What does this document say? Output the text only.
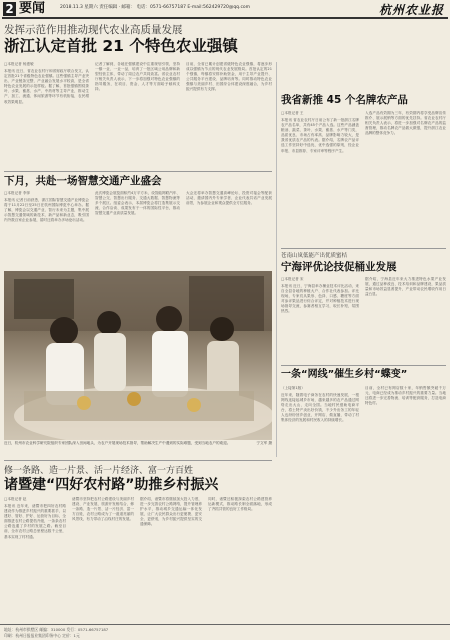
2 要闻	2018.11.3 星期六 责任编辑 · 邮箱： 电话：0571-66757187 E-mail:562429720@qq.com	杭州农业报
发挥示范作用推动现代农业高质量发展
浙江认定首批 21 个特色农业强镇
□本报记者 杨惠敏
本报讯 近日，省农业农村厅和省财政厅联合发文，认定首批21个省级特色农业强镇。这些强镇主导产业突出、产业链条完整、产业融合发展水平较高，是全省特色农业发展的示范样板。据了解，首批强镇围绕茶叶、水果、畜禽、水产、中药材等主导产业，推动生产、加工、流通、休闲旅游等环节有机衔接，农民增收效果明显。
记者了解到，各地在强镇建设中注重规划引领，坚持一镇一业、一业一品，培育了一批区域公用品牌和新型经营主体，带动了周边农户共同致富。省农业农村厅相关负责人表示，下一步将加强对特色农业强镇的指导服务，在项目、资金、人才等方面给予倾斜支持。
目前，全省已累计创建省级特色农业强镇，将逐步形成以强镇为节点的现代农业发展格局。首批认定的21个强镇，每镇将安排补助资金，用于主导产业提升、公共服务平台建设、品牌培育等。同时推动特色农业强镇与美丽乡村、田园综合体建设深度融合，为乡村振兴提供有力支撑。
我省新推 45 个名牌农产品
□本报记者 王
本报讯 省农业农村厅日前公布了新一批浙江名牌农产品名单，共有45个产品入选。这些产品涵盖粮油、蔬菜、茶叶、水果、畜禽、水产等门类，品质优良、市场占有率高、品牌影响力较大，是我省优质农产品的代表。据介绍，名牌农产品评选工作坚持好中选优、优中选强的原则，经企业申报、市县推荐、专家评审等程序产生。
入选产品有效期为三年，有效期内将享受品牌宣传推介、展示展销等方面的优先扶持。省农业农村厅相关负责人表示，将进一步加强对名牌农产品的监督管理，推动名牌农产品做大做强，提升浙江农业品牌的整体竞争力。
下月，共赴一场智慧交通产业盛会
□本报记者 李萍
本报讯 记者日前获悉，浙江国际智慧交通产业博览会将于11月22日至25日在杭州国际博览中心举办。据了解，博览会以交通产业、智行未来为主题，集中展示智慧交通领域的新技术、新产品和新业态，吸引国内外数百家企业参展，届时还将举办多场论坛活动。
此次博览会展览面积约4万平方米，设智能网联汽车、智慧公交、智慧出行服务、交通大数据、智慧物流等多个展区。组委会表示，本届博览会将打造集展示交流、合作洽谈、成果发布于一体的国际性平台，推动智慧交通产业高质量发展。
大会还将举办智慧交通高峰论坛、投资对接会等配套活动，邀请国内外专家学者、企业代表共话产业发展前景，为参展企业和观众提供全方位服务。
近日，杭州市农业科学研究院组织专家团队深入田间地头，为农户开展现场技术指导，帮助解决生产中遇到的实际难题，受到当地农户的欢迎。	宁文军 摄
苍南山岚低能产出优质蜜桔
宁海评优论技促桶业发展
□本报记者 宋
本报讯 近日，宁海县举办桶业技术评比活动，来自全县各地的种植大户、合作社代表参加。评比现场，专家们从果形、色泽、口感、糖度等方面对参评果品进行综合评定，并对种植技术进行现场指导交流，参赛者相互学习，取长补短，氛围热烈。
据介绍，宁海县近年来大力推进特色水果产业发展，通过品种改良、技术培训和品牌建设，果品质量和市场效益显著提升，产业带动农民增收作用日益凸显。
一条“网线”催生乡村“蝶变”
（上接第1版）
近年来，随着电子商务在农村的快速发展，一根网线连接起城乡市场，越来越多的农产品通过网络走出大山、走向全国。当地村民借助电商平台，将土特产卖出好价钱，不少外出务工的年轻人也纷纷回乡创业，开网店、做直播，带动了村集体经济的发展和村民收入的持续增长。
目前，全村已有网店数十家，年销售额突破千万元，电商已经成为推动乡村振兴的重要力量。当地还将进一步完善物流、培训等配套服务，打造电商特色村。
修一条路、造一片景、活一片经济、富一方百姓
诸暨建“四好农村路”助推乡村振兴
□本报记者 赵
本报讯 近年来，诸暨市把四好农村路建设作为推进乡村振兴的重要抓手，以建好、管好、护好、运营好为目标，全面推进农村公路提档升级，一条条农村公路连通了乡村的发展之路。截至目前，全市农村公路总里程达数千公里，基本实现了村村通。
诸暨市坚持把农村公路建设与美丽乡村建设、产业发展、旅游开发相结合，修一条路、造一片景、活一片经济、富一方百姓，农村公路成为了一道道亮丽的风景线，有力带动了沿线村庄的发展。
据介绍，诸暨市将继续加大投入力度，进一步完善农村公路网络，提升管理养护水平，推动城乡交通运输一体化发展，让广大农民群众出行更便捷、更安全、更舒适，为乡村振兴提供坚实的交通保障。
同时，诸暨还积极探索农村公路建管养运新模式，推动路长制全面落地，形成了齐抓共管的良好工作格局。
地址：杭州市拱墅区 邮编：310000 发行：0571-66757187
印刷：杭州日报报业集团印务中心 定价：1元
